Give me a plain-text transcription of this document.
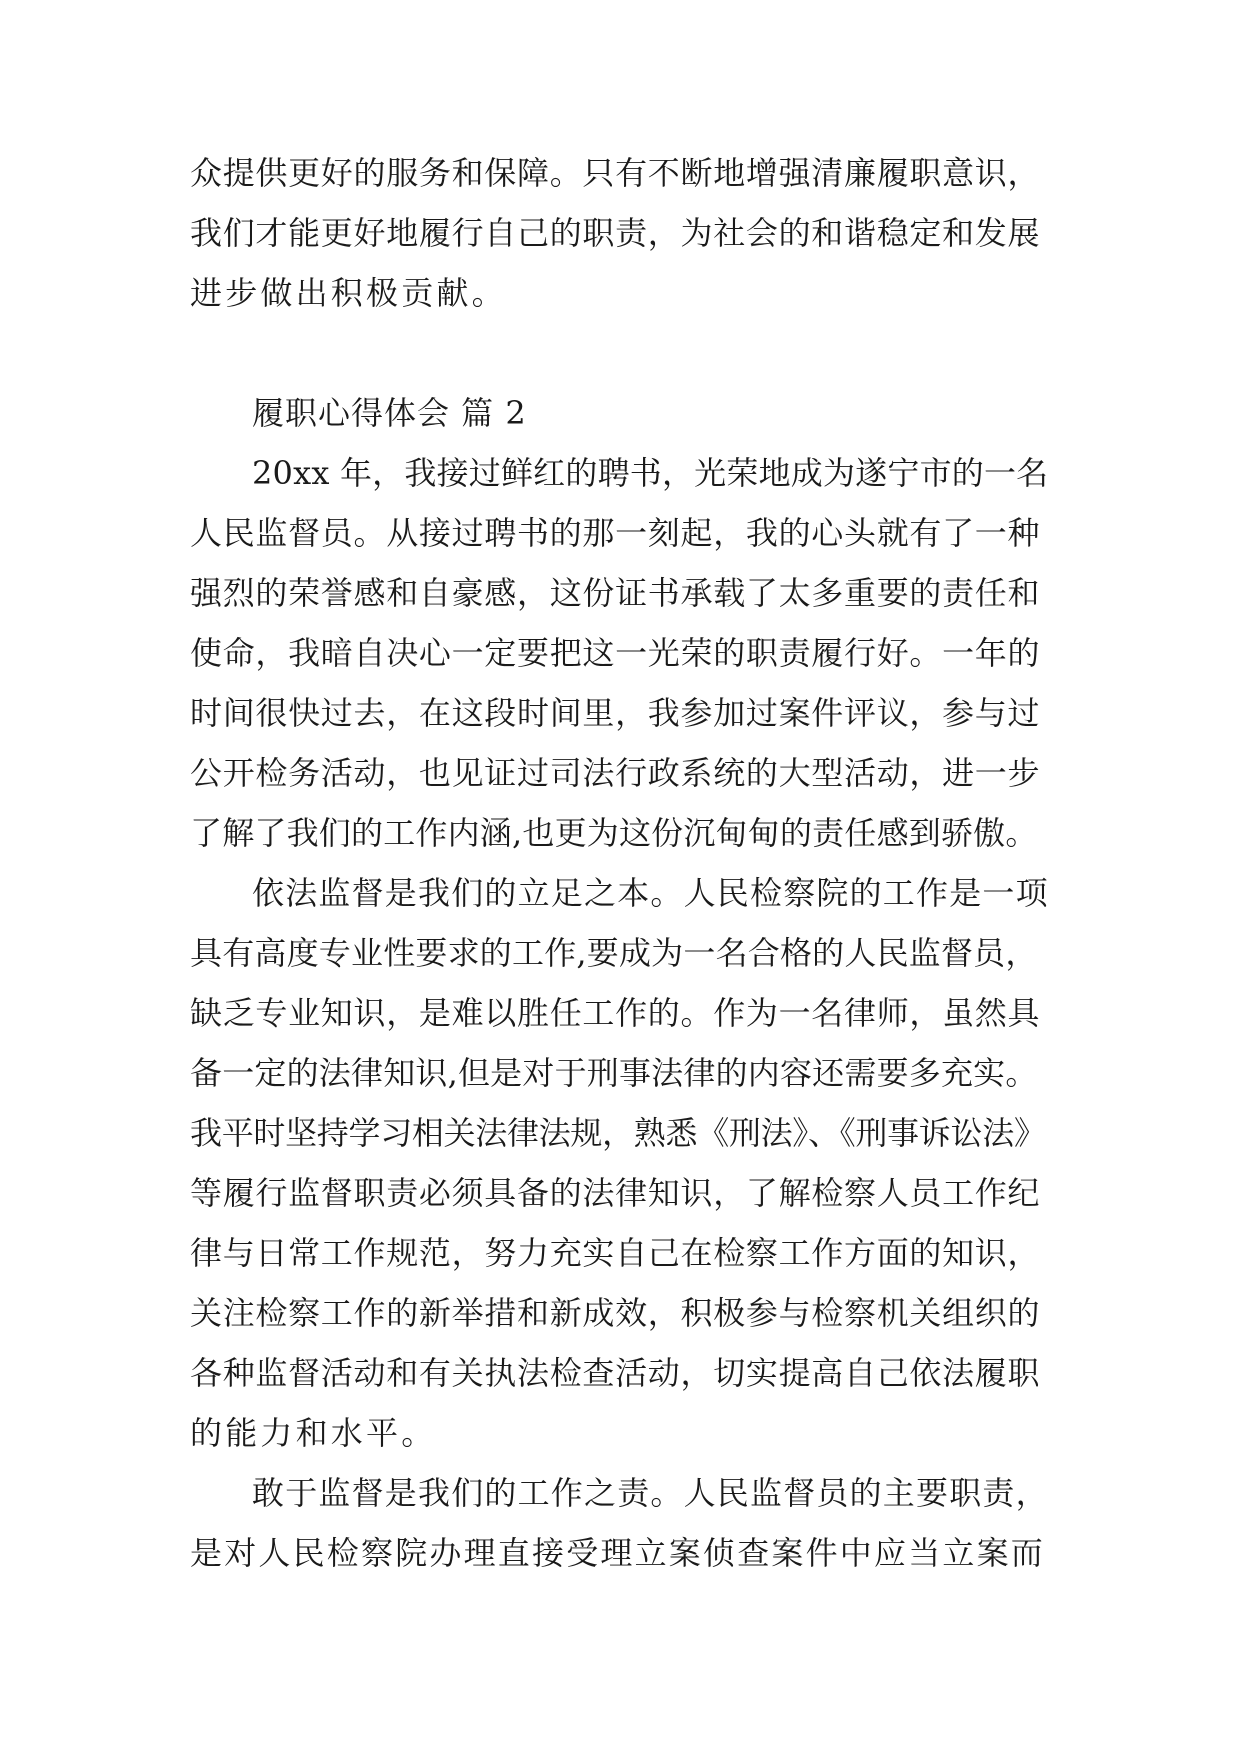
众提供更好的服务和保障。只有不断地增强清廉履职意识，
我们才能更好地履行自己的职责，为社会的和谐稳定和发展
进步做出积极贡献。
履职心得体会 篇 2
20xx 年，我接过鲜红的聘书，光荣地成为遂宁市的一名
人民监督员。从接过聘书的那一刻起，我的心头就有了一种
强烈的荣誉感和自豪感，这份证书承载了太多重要的责任和
使命，我暗自决心一定要把这一光荣的职责履行好。一年的
时间很快过去，在这段时间里，我参加过案件评议，参与过
公开检务活动，也见证过司法行政系统的大型活动，进一步
了解了我们的工作内涵,也更为这份沉甸甸的责任感到骄傲。
依法监督是我们的立足之本。人民检察院的工作是一项
具有高度专业性要求的工作,要成为一名合格的人民监督员，
缺乏专业知识，是难以胜任工作的。作为一名律师，虽然具
备一定的法律知识,但是对于刑事法律的内容还需要多充实。
我平时坚持学习相关法律法规，熟悉《刑法》、《刑事诉讼法》
等履行监督职责必须具备的法律知识，了解检察人员工作纪
律与日常工作规范，努力充实自己在检察工作方面的知识，
关注检察工作的新举措和新成效，积极参与检察机关组织的
各种监督活动和有关执法检查活动，切实提高自己依法履职
的能力和水平。
敢于监督是我们的工作之责。人民监督员的主要职责，
是对人民检察院办理直接受理立案侦查案件中应当立案而
